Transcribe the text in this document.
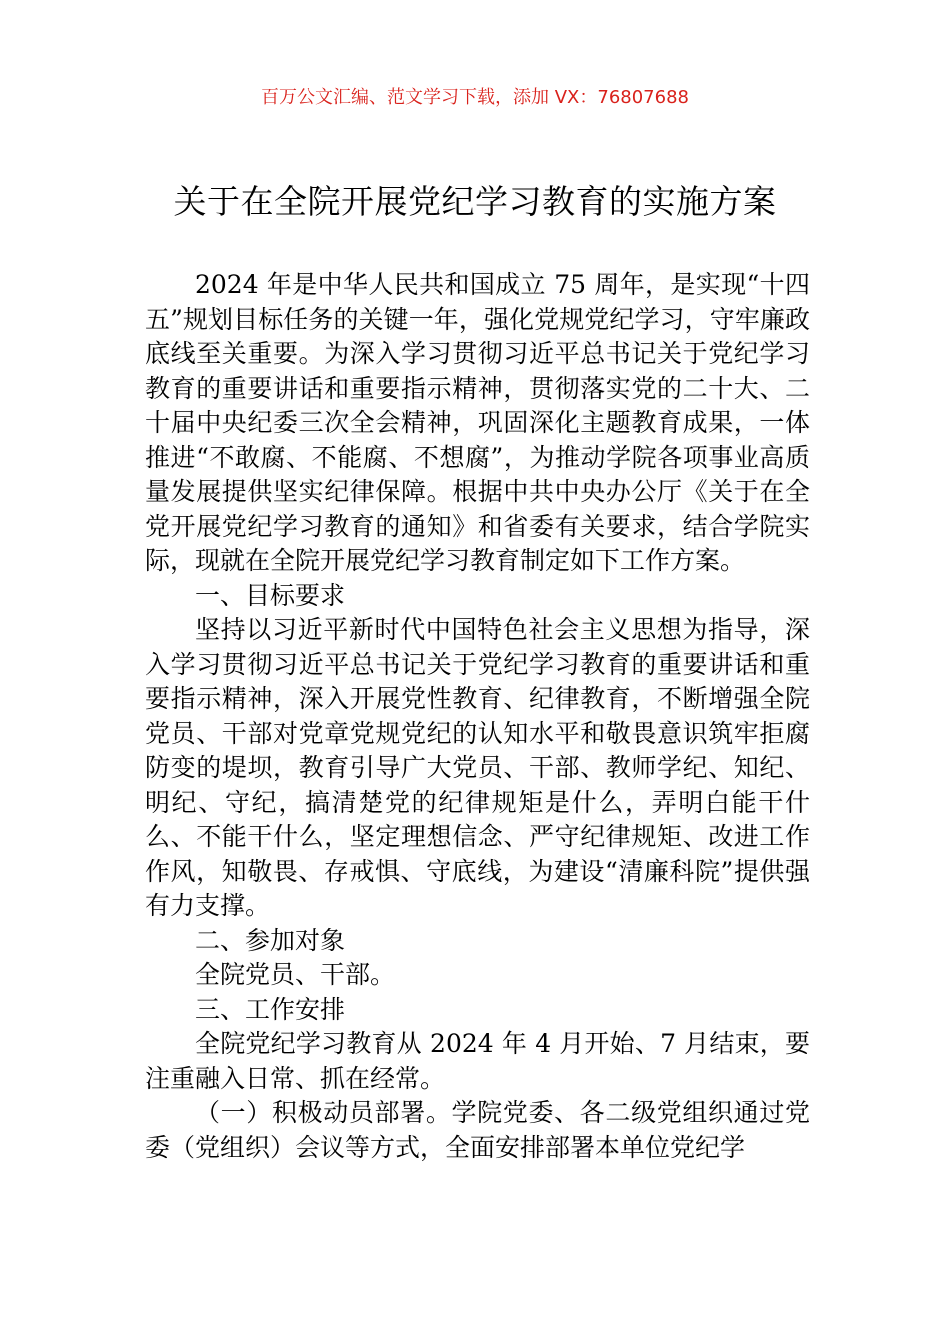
百万公文汇编、范文学习下载，添加 VX：76807688
关于在全院开展党纪学习教育的实施方案

2024 年是中华人民共和国成立 75 周年，是实现“十四五”规划目标任务的关键一年，强化党规党纪学习，守牢廉政底线至关重要。为深入学习贯彻习近平总书记关于党纪学习教育的重要讲话和重要指示精神，贯彻落实党的二十大、二十届中央纪委三次全会精神，巩固深化主题教育成果，一体推进“不敢腐、不能腐、不想腐”，为推动学院各项事业高质量发展提供坚实纪律保障。根据中共中央办公厅《关于在全党开展党纪学习教育的通知》和省委有关要求，结合学院实际，现就在全院开展党纪学习教育制定如下工作方案。

一、目标要求

坚持以习近平新时代中国特色社会主义思想为指导，深入学习贯彻习近平总书记关于党纪学习教育的重要讲话和重要指示精神，深入开展党性教育、纪律教育，不断增强全院党员、干部对党章党规党纪的认知水平和敬畏意识筑牢拒腐防变的堤坝，教育引导广大党员、干部、教师学纪、知纪、明纪、守纪，搞清楚党的纪律规矩是什么，弄明白能干什么、不能干什么，坚定理想信念、严守纪律规矩、改进工作作风，知敬畏、存戒惧、守底线，为建设“清廉科院”提供强有力支撑。

二、参加对象

全院党员、干部。

三、工作安排

全院党纪学习教育从 2024 年 4 月开始、7 月结束，要注重融入日常、抓在经常。

（一）积极动员部署。学院党委、各二级党组织通过党委（党组织）会议等方式，全面安排部署本单位党纪学
